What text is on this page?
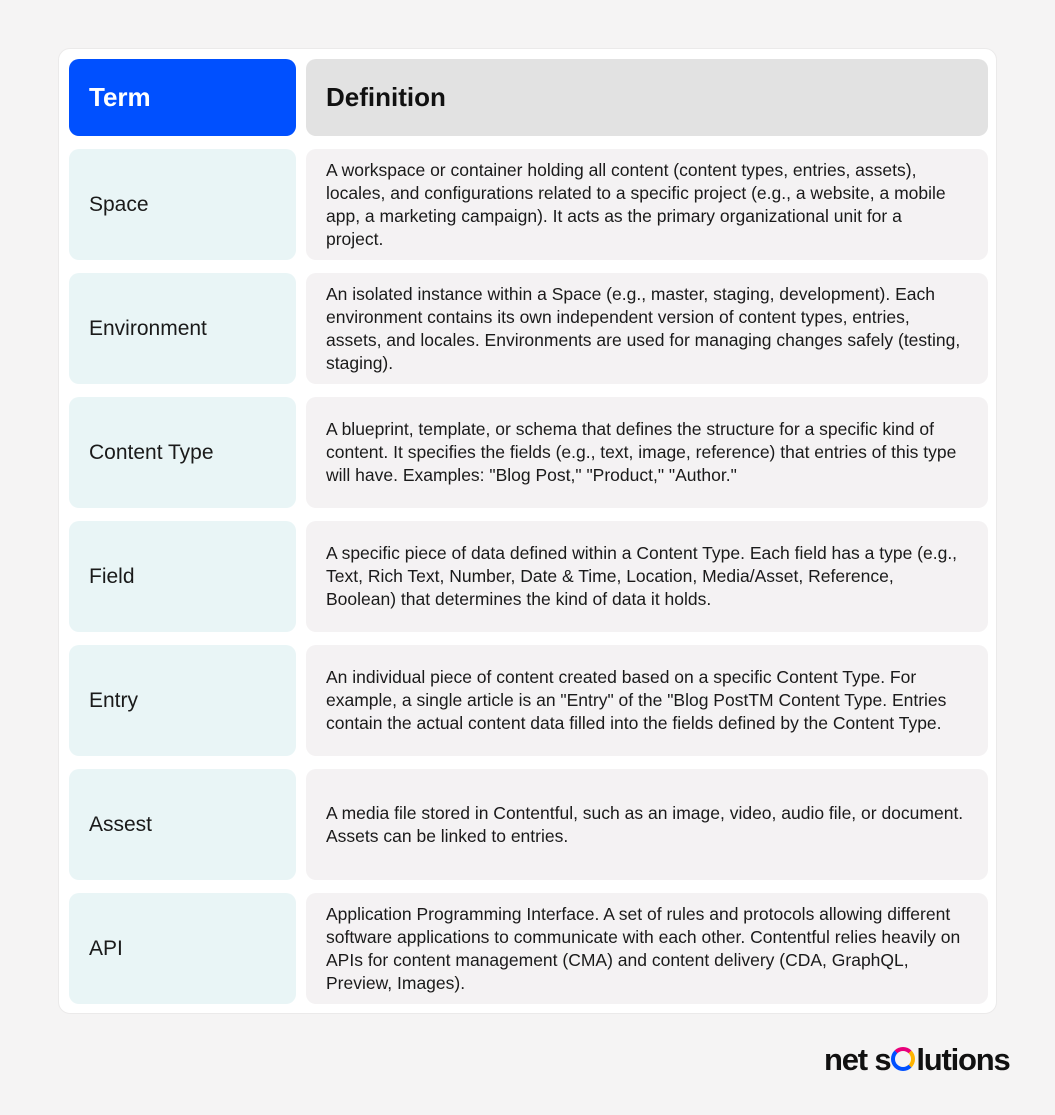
Term	Definition
Space
A workspace or container holding all content (content types, entries, assets), locales, and configurations related to a specific project (e.g., a website, a mobile app, a marketing campaign). It acts as the primary organizational unit for a project.
Environment
An isolated instance within a Space (e.g., master, staging, development). Each environment contains its own independent version of content types, entries, assets, and locales. Environments are used for managing changes safely (testing, staging).
Content Type
A blueprint, template, or schema that defines the structure for a specific kind of content. It specifies the fields (e.g., text, image, reference) that entries of this type will have. Examples: "Blog Post," "Product," "Author."
Field
A specific piece of data defined within a Content Type. Each field has a type (e.g., Text, Rich Text, Number, Date & Time, Location, Media/Asset, Reference, Boolean) that determines the kind of data it holds.
Entry
An individual piece of content created based on a specific Content Type. For example, a single article is an "Entry" of the "Blog PostTM Content Type. Entries contain the actual content data filled into the fields defined by the Content Type.
Assest	A media file stored in Contentful, such as an image, video, audio file, or document. Assets can be linked to entries.
API
Application Programming Interface. A set of rules and protocols allowing different software applications to communicate with each other. Contentful relies heavily on APIs for content management (CMA) and content delivery (CDA, GraphQL, Preview, Images).
net s lutions
